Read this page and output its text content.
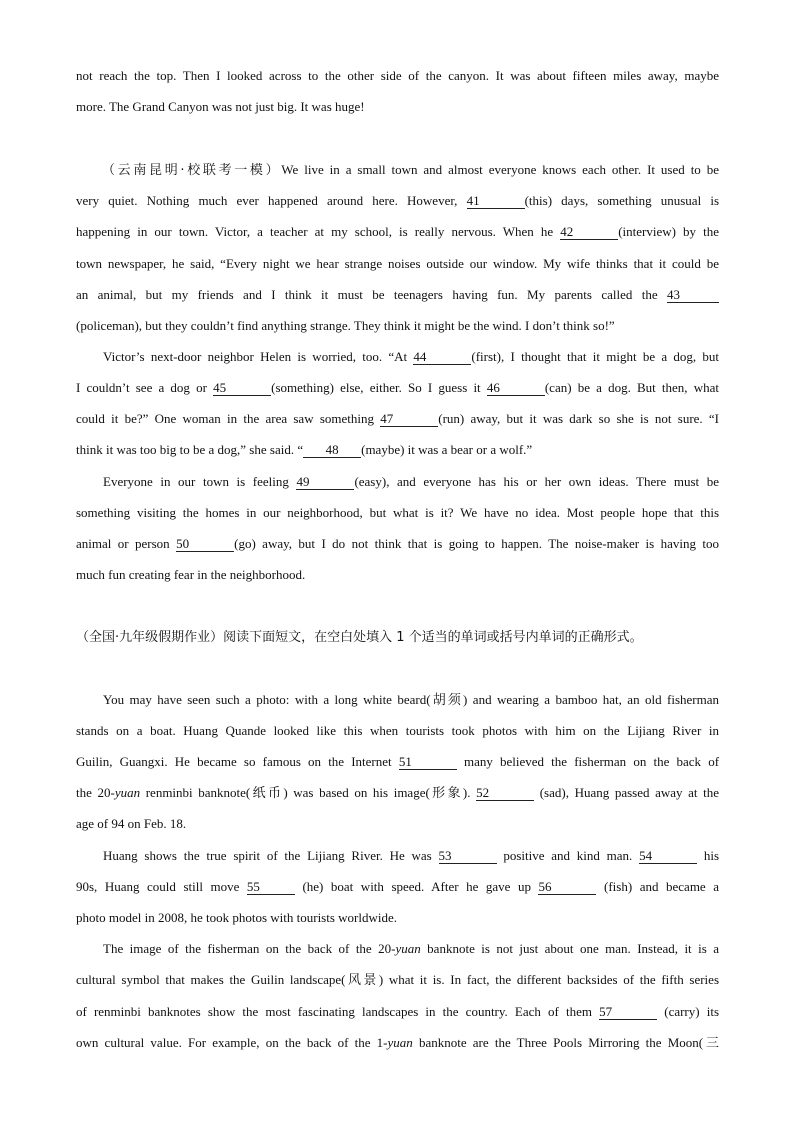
not reach the top. Then I looked across to the other side of the canyon. It was about fifteen miles away, maybe
more. The Grand Canyon was not just big. It was huge!
（云南昆明·校联考一模）We live in a small town and almost everyone knows each other. It used to be
very quiet. Nothing much ever happened around here. However, 41	(this) days, something unusual is
happening in our town. Victor, a teacher at my school, is really nervous. When he 42	(interview) by the
town newspaper, he said, “Every night we hear strange noises outside our window. My wife thinks that it could be
an animal, but my friends and I think it must be teenagers having fun. My parents called the 43
(policeman), but they couldn’t find anything strange. They think it might be the wind. I don’t think so!”
Victor’s next-door neighbor Helen is worried, too. “At 44	(first), I thought that it might be a dog, but
I couldn’t see a dog or 45	(something) else, either. So I guess it 46	(can) be a dog. But then, what
could it be?” One woman in the area saw something 47	(run) away, but it was dark so she is not sure. “I
think it was too big to be a dog,” she said. “ 48 (maybe) it was a bear or a wolf.”
Everyone in our town is feeling 49	(easy), and everyone has his or her own ideas. There must be
something visiting the homes in our neighborhood, but what is it? We have no idea. Most people hope that this
animal or person 50	(go) away, but I do not think that is going to happen. The noise-maker is having too
much fun creating fear in the neighborhood.
（全国·九年级假期作业）阅读下面短文，在空白处填入 1 个适当的单词或括号内单词的正确形式。
You may have seen such a photo: with a long white beard(胡须) and wearing a bamboo hat, an old fisherman
stands on a boat. Huang Quande looked like this when tourists took photos with him on the Lijiang River in
Guilin, Guangxi. He became so famous on the Internet 51	many believed the fisherman on the back of
the 20-yuan renminbi banknote(纸币) was based on his image(形象). 52	(sad), Huang passed away at the
age of 94 on Feb. 18.
Huang shows the true spirit of the Lijiang River. He was 53	positive and kind man. 54	his
90s, Huang could still move 55	(he) boat with speed. After he gave up 56	(fish) and became a
photo model in 2008, he took photos with tourists worldwide.
The image of the fisherman on the back of the 20-yuan banknote is not just about one man. Instead, it is a
cultural symbol that makes the Guilin landscape(风景) what it is. In fact, the different backsides of the fifth series
of renminbi banknotes show the most fascinating landscapes in the country. Each of them 57	(carry) its
own cultural value. For example, on the back of the 1-yuan banknote are the Three Pools Mirroring the Moon(三
